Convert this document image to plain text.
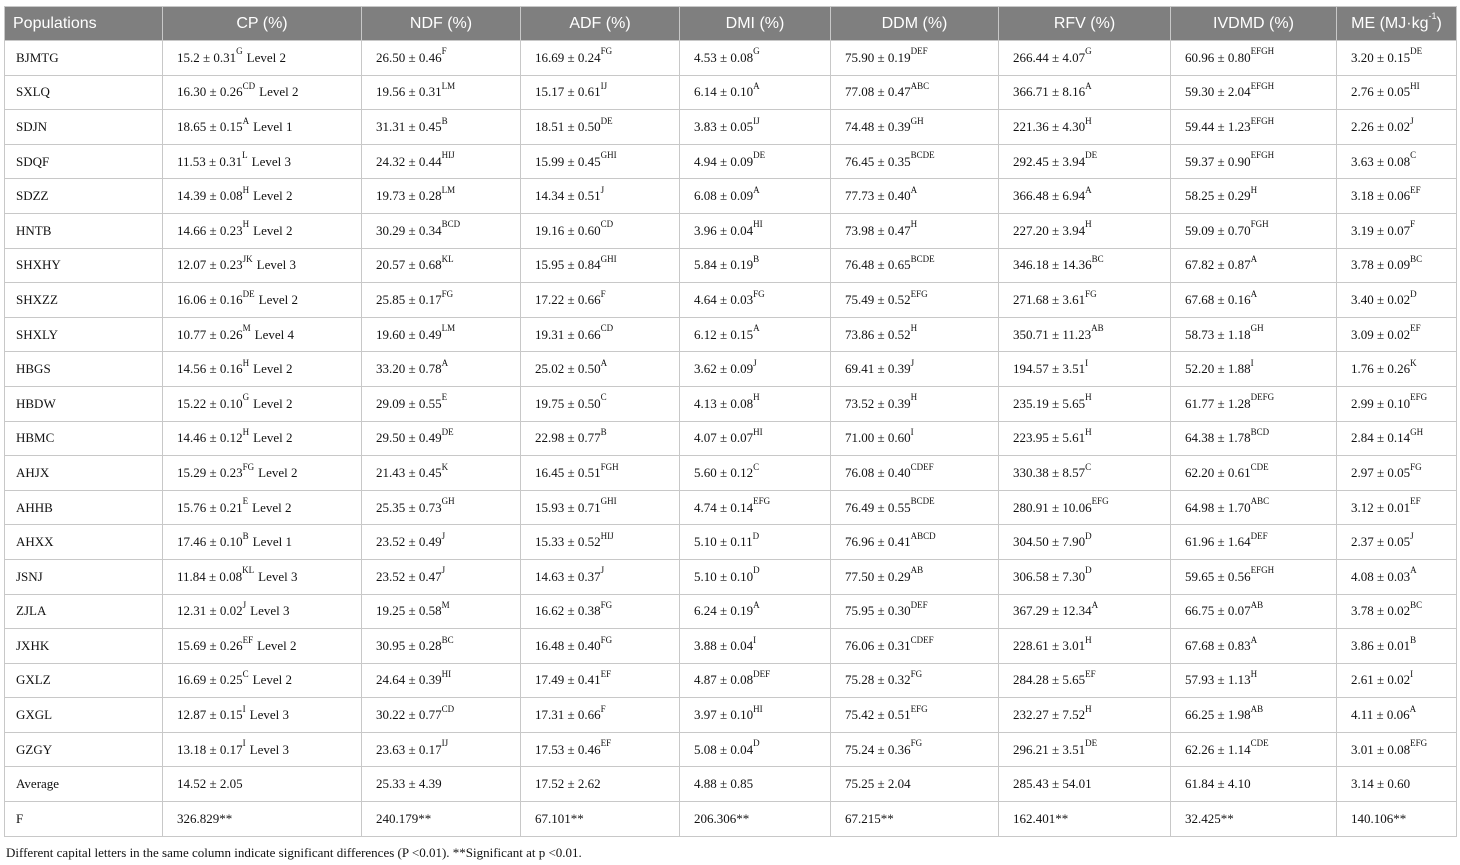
Populations	CP (%)	NDF (%)	ADF (%)	DMI (%)	DDM (%)	RFV (%)	IVDMD (%)	ME $(MJ\cdot kg^{-1})$
BJMTG	$15.2 \pm 0.31^G$ Level 2	$26.50 \pm 0.46^F$	$16.69 \pm 0.24^{FG}$	$4.53 \pm 0.08^G$	$75.90 \pm 0.19^{DEF}$	$266.44 \pm 4.07^G$	$60.96 \pm 0.80^{EFGH}$	3.20 ± 0.15DE
SXLQ	$16.30 \pm 0.26^{CD}$ Level 2	$19.56 \pm 0.31^{LM}$	$15.17 \pm 0.61^{IJ}$	$6.14 \pm 0.10^A$	$77.08 \pm 0.47^{ABC}$	$366.71 \pm 8.16^A$	$59.30 \pm 2.04^{EFGH}$	$2.76 \pm 0.05^{HI}$
SDJN	$18.65 \pm 0.15^A$ Level 1	$31.31 \pm 0.45^B$	18.51 ± 0.50DE	$3.83 \pm 0.05^{IJ}$	$74.48 \pm 0.39^{GH}$	$221.36 \pm 4.30^H$	$59.44 \pm 1.23^{EFGH}$	$2.26 \pm 0.02^J$
SDQF	$11.53 \pm 0.31^L$ Level 3	$24.32 \pm 0.44^{HIJ}$	$15.99 \pm 0.45^{GHI}$	4.94 ± 0.09DE	$76.45 \pm 0.35^{BCDE}$	292.45 ± 3.94DE	$59.37 \pm 0.90^{EFGH}$	$3.63 \pm 0.08^C$
SDZZ	$14.39 \pm 0.08^H$ Level 2	$19.73 \pm 0.28^{LM}$	$14.34 \pm 0.51^J$	$6.08 \pm 0.09^A$	$77.73 \pm 0.40^A$	$366.48 \pm 6.94^A$	$58.25 \pm 0.29^H$	$3.18 \pm 0.06^{EF}$
HNTB	$14.66 \pm 0.23^H$ Level 2	$30.29 \pm 0.34^{BCD}$	$19.16 \pm 0.60^{CD}$	$3.96 \pm 0.04^{HI}$	$73.98 \pm 0.47^H$	$227.20 \pm 3.94^H$	$59.09 \pm 0.70^{FGH}$	$3.19 \pm 0.07^F$
SHXHY	$12.07 \pm 0.23^{JK}$ Level 3	$20.57 \pm 0.68^{KL}$	$15.95 \pm 0.84^{GHI}$	$5.84 \pm 0.19^B$	$76.48 \pm 0.65^{BCDE}$	$346.18 \pm 14.36^{BC}$	$67.82 \pm 0.87^A$	$3.78 \pm 0.09^{BC}$
SHXZZ	16.06 ± 0.16DE Level 2	$25.85 \pm 0.17^{FG}$	$17.22 \pm 0.66^F$	$4.64 \pm 0.03^{FG}$	$75.49 \pm 0.52^{EFG}$	$271.68 \pm 3.61^{FG}$	$67.68 \pm 0.16^A$	$3.40 \pm 0.02^D$
SHXLY	$10.77 \pm 0.26^M$ Level 4	$19.60 \pm 0.49^{LM}$	$19.31 \pm 0.66^{CD}$	$6.12 \pm 0.15^A$	$73.86 \pm 0.52^H$	$350.71 \pm 11.23^{AB}$	$58.73 \pm 1.18^{GH}$	$3.09 \pm 0.02^{EF}$
HBGS	$14.56 \pm 0.16^H$ Level 2	$33.20 \pm 0.78^A$	$25.02 \pm 0.50^A$	$3.62 \pm 0.09^J$	$69.41 \pm 0.39^J$	$194.57 \pm 3.51^I$	$52.20 \pm 1.88^I$	$1.76 \pm 0.26^K$
HBDW	$15.22 \pm 0.10^G$ Level 2	$29.09 \pm 0.55^E$	$19.75 \pm 0.50^C$	$4.13 \pm 0.08^H$	$73.52 \pm 0.39^H$	$235.19 \pm 5.65^H$	$61.77 \pm 1.28^{DEFG}$	$2.99 \pm 0.10^{EFG}$
HBMC	$14.46 \pm 0.12^H$ Level 2	29.50 ± 0.49DE	$22.98 \pm 0.77^B$	$4.07 \pm 0.07^{HI}$	$71.00 \pm 0.60^I$	$223.95 \pm 5.61^H$	$64.38 \pm 1.78^{BCD}$	$2.84 \pm 0.14^{GH}$
AHJX	$15.29 \pm 0.23^{FG}$ Level 2	$21.43 \pm 0.45^K$	$16.45 \pm 0.51^{FGH}$	$5.60 \pm 0.12^C$	$76.08 \pm 0.40^{CDEF}$	$330.38 \pm 8.57^C$	$62.20 \pm 0.61^{CDE}$	$2.97 \pm 0.05^{FG}$
AHHB	$15.76 \pm 0.21^E$ Level 2	$25.35 \pm 0.73^{GH}$	$15.93 \pm 0.71^{GHI}$	$4.74 \pm 0.14^{EFG}$	$76.49 \pm 0.55^{BCDE}$	$280.91 \pm 10.06^{EFG}$	$64.98 \pm 1.70^{ABC}$	$3.12 \pm 0.01^{EF}$
AHXX	$17.46 \pm 0.10^B$ Level 1	$23.52 \pm 0.49^J$	$15.33 \pm 0.52^{HIJ}$	$5.10 \pm 0.11^D$	$76.96 \pm 0.41^{ABCD}$	$304.50 \pm 7.90^D$	$61.96 \pm 1.64^{DEF}$	$2.37 \pm 0.05^J$
JSNJ	$11.84 \pm 0.08^{KL}$ Level 3	$23.52 \pm 0.47^J$	$14.63 \pm 0.37^J$	$5.10 \pm 0.10^D$	$77.50 \pm 0.29^{AB}$	$306.58 \pm 7.30^D$	$59.65 \pm 0.56^{EFGH}$	$4.08 \pm 0.03^A$
ZJLA	$12.31 \pm 0.02^J$ Level 3	$19.25 \pm 0.58^M$	$16.62 \pm 0.38^{FG}$	$6.24 \pm 0.19^A$	$75.95 \pm 0.30^{DEF}$	$367.29 \pm 12.34^A$	$66.75 \pm 0.07^{AB}$	$3.78 \pm 0.02^{BC}$
JXHK	$15.69 \pm 0.26^{EF}$ Level 2	$30.95 \pm 0.28^{BC}$	$16.48 \pm 0.40^{FG}$	$3.88 \pm 0.04^I$	$76.06 \pm 0.31^{CDEF}$	$228.61 \pm 3.01^H$	$67.68 \pm 0.83^A$	$3.86 \pm 0.01^B$
GXLZ	$16.69 \pm 0.25^C$ Level 2	$24.64 \pm 0.39^{HI}$	$17.49 \pm 0.41^{EF}$	$4.87 \pm 0.08^{DEF}$	$75.28 \pm 0.32^{FG}$	$284.28 \pm 5.65^{EF}$	$57.93 \pm 1.13^H$	$2.61 \pm 0.02^I$
GXGL	$12.87 \pm 0.15^I$ Level 3	$30.22 \pm 0.77^{CD}$	$17.31 \pm 0.66^F$	$3.97 \pm 0.10^{HI}$	$75.42 \pm 0.51^{EFG}$	$232.27 \pm 7.52^H$	$66.25 \pm 1.98^{AB}$	$4.11 \pm 0.06^A$
GZGY	$13.18 \pm 0.17^I$ Level 3	$23.63 \pm 0.17^{IJ}$	$17.53 \pm 0.46^{EF}$	$5.08 \pm 0.04^D$	$75.24 \pm 0.36^{FG}$	296.21 ± 3.51DE	$62.26 \pm 1.14^{CDE}$	$3.01 \pm 0.08^{EFG}$
Average	14.52 ± 2.05	25.33 ± 4.39	17.52 ± 2.62	4.88 ± 0.85	75.25 ± 2.04	285.43 ± 54.01	61.84 ± 4.10	3.14 ± 0.60
F	326.829**	240.179**	67.101**	206.306**	67.215**	162.401**	32.425**	140.106**
Different capital letters in the same column indicate significant differences (P <0.01). **Significant at p <0.01.
